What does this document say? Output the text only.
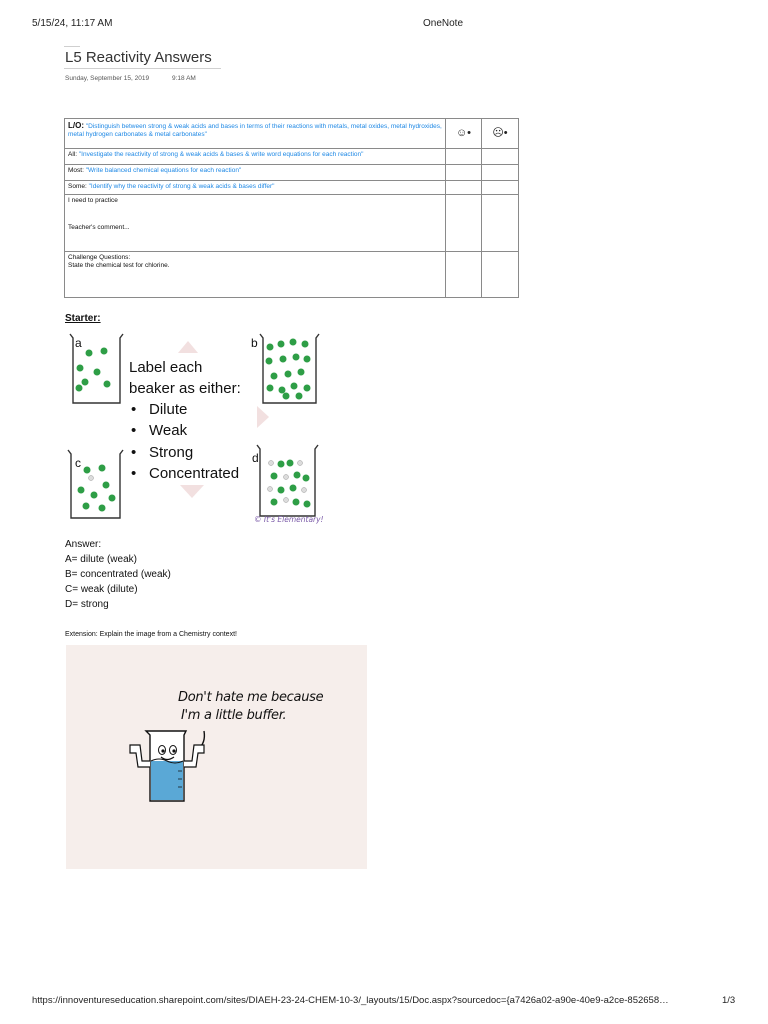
5/15/24, 11:17 AM	OneNote
L5 Reactivity Answers
Sunday, September 15, 2019	9:18 AM
L/O: "Distinguish between strong & weak acids and bases in terms of their reactions with metals, metal oxides, metal hydroxides, metal hydrogen carbonates & metal carbonates"	☺•	☹•
All: "Investigate the reactivity of strong & weak acids & bases & write word equations for each reaction"		
Most: "Write balanced chemical equations for each reaction"		
Some: "Identify why the reactivity of strong & weak acids & bases differ"		

I need to practice
Teacher's comment...		

Challenge Questions:
State the chemical test for chlorine.		

Starter:
a	b
c	d
Label each
beaker as either:
• Dilute
• Weak
• Strong
• Concentrated
© It's Elementary!
Answer:
A= dilute (weak)
B= concentrated (weak)
C= weak (dilute)
D= strong
Extension: Explain the image from a Chemistry context!
Don't hate me because
I'm a little buffer.
https://innoventureseducation.sharepoint.com/sites/DIAEH-23-24-CHEM-10-3/_layouts/15/Doc.aspx?sourcedoc={a7426a02-a90e-40e9-a2ce-852658…	1/3
